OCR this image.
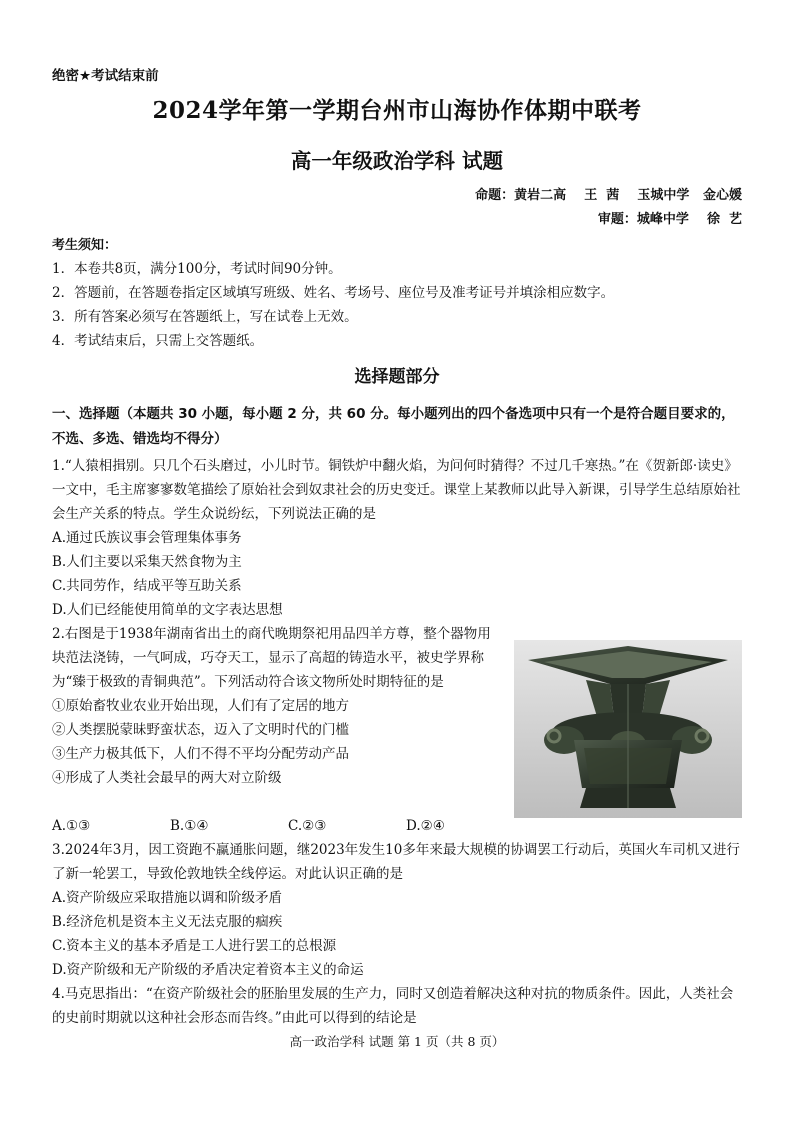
绝密★考试结束前
2024学年第一学期台州市山海协作体期中联考
高一年级政治学科 试题
命题：黄岩二高    王  茜    玉城中学   金心媛
审题：城峰中学    徐  艺
考生须知：
1．本卷共8页，满分100分，考试时间90分钟。
2．答题前，在答题卷指定区域填写班级、姓名、考场号、座位号及准考证号并填涂相应数字。
3．所有答案必须写在答题纸上，写在试卷上无效。
4．考试结束后，只需上交答题纸。
选择题部分
一、选择题（本题共 30 小题，每小题 2 分，共 60 分。每小题列出的四个备选项中只有一个是符合题目要求的，不选、多选、错选均不得分）

1.“人猿相揖别。只几个石头磨过，小儿时节。铜铁炉中翻火焰，为问何时猜得？不过几千寒热。”在《贺新郎·读史》一文中，毛主席寥寥数笔描绘了原始社会到奴隶社会的历史变迁。课堂上某教师以此导入新课，引导学生总结原始社会生产关系的特点。学生众说纷纭，下列说法正确的是

A.通过氏族议事会管理集体事务

B.人们主要以采集天然食物为主

C.共同劳作，结成平等互助关系

D.人们已经能使用简单的文字表达思想

2.右图是于1938年湖南省出土的商代晚期祭祀用品四羊方尊，整个器物用块范法浇铸，一气呵成，巧夺天工，显示了高超的铸造水平，被史学界称为“臻于极致的青铜典范”。下列活动符合该文物所处时期特征的是

①原始畜牧业农业开始出现，人们有了定居的地方

②人类摆脱蒙昧野蛮状态，迈入了文明时代的门槛

③生产力极其低下，人们不得不平均分配劳动产品

④形成了人类社会最早的两大对立阶级

A.①③	B.①④	C.②③	D.②④

3.2024年3月，因工资跑不赢通胀问题，继2023年发生10多年来最大规模的协调罢工行动后，英国火车司机又进行了新一轮罢工，导致伦敦地铁全线停运。对此认识正确的是

A.资产阶级应采取措施以调和阶级矛盾

B.经济危机是资本主义无法克服的痼疾

C.资本主义的基本矛盾是工人进行罢工的总根源

D.资产阶级和无产阶级的矛盾决定着资本主义的命运

4.马克思指出：“在资产阶级社会的胚胎里发展的生产力，同时又创造着解决这种对抗的物质条件。因此，人类社会的史前时期就以这种社会形态而告终。”由此可以得到的结论是

高一政治学科 试题 第 1 页（共 8 页）
